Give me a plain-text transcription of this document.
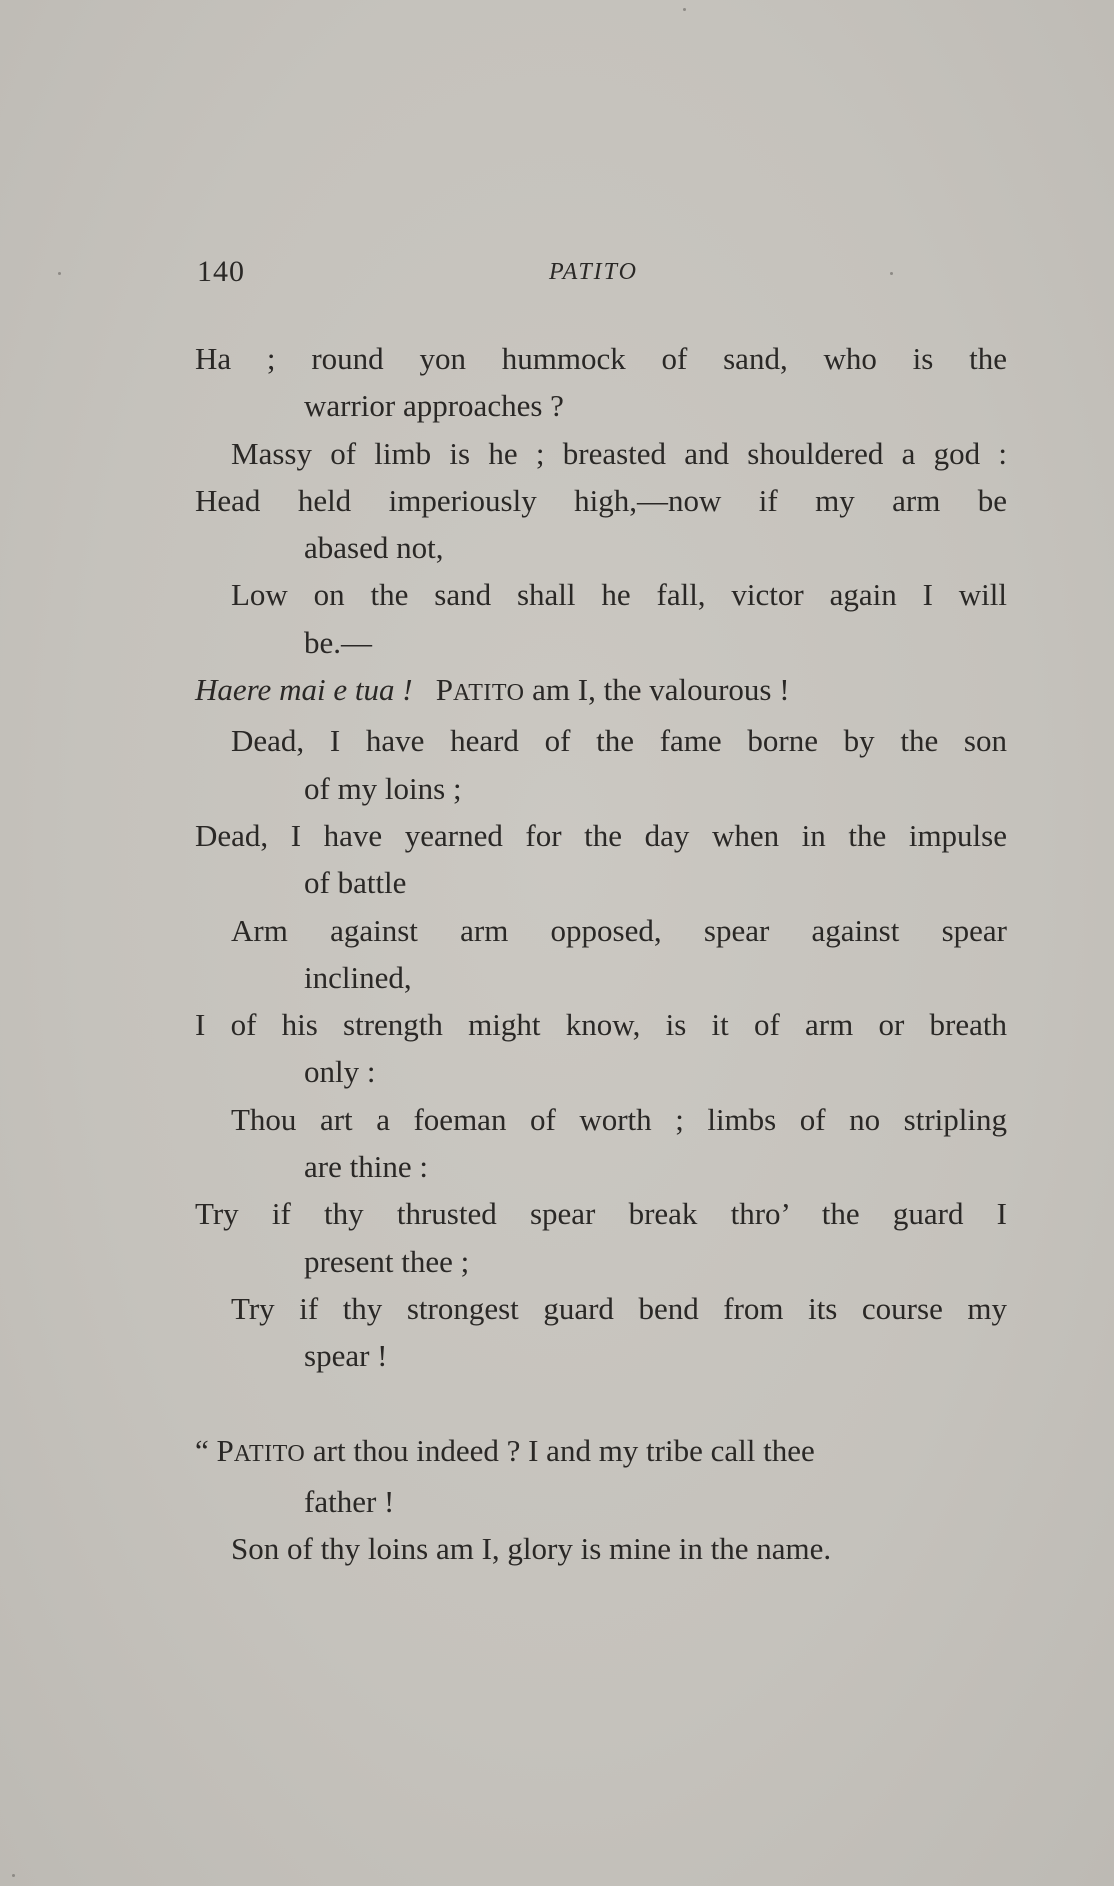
140	PATITO
Ha ; round yon hummock of sand, who is the
warrior approaches ?
Massy of limb is he ; breasted and shouldered a god :
Head held imperiously high,—now if my arm be
abased not,
Low on the sand shall he fall, victor again I will
be.—
Haere mai e tua ! PATITO am I, the valourous !
Dead, I have heard of the fame borne by the son
of my loins ;
Dead, I have yearned for the day when in the impulse
of battle
Arm against arm opposed, spear against spear
inclined,
I of his strength might know, is it of arm or breath
only :
Thou art a foeman of worth ; limbs of no stripling
are thine :
Try if thy thrusted spear break thro’ the guard I
present thee ;
Try if thy strongest guard bend from its course my
spear !
“ PATITO art thou indeed ? I and my tribe call thee
father !
Son of thy loins am I, glory is mine in the name.
